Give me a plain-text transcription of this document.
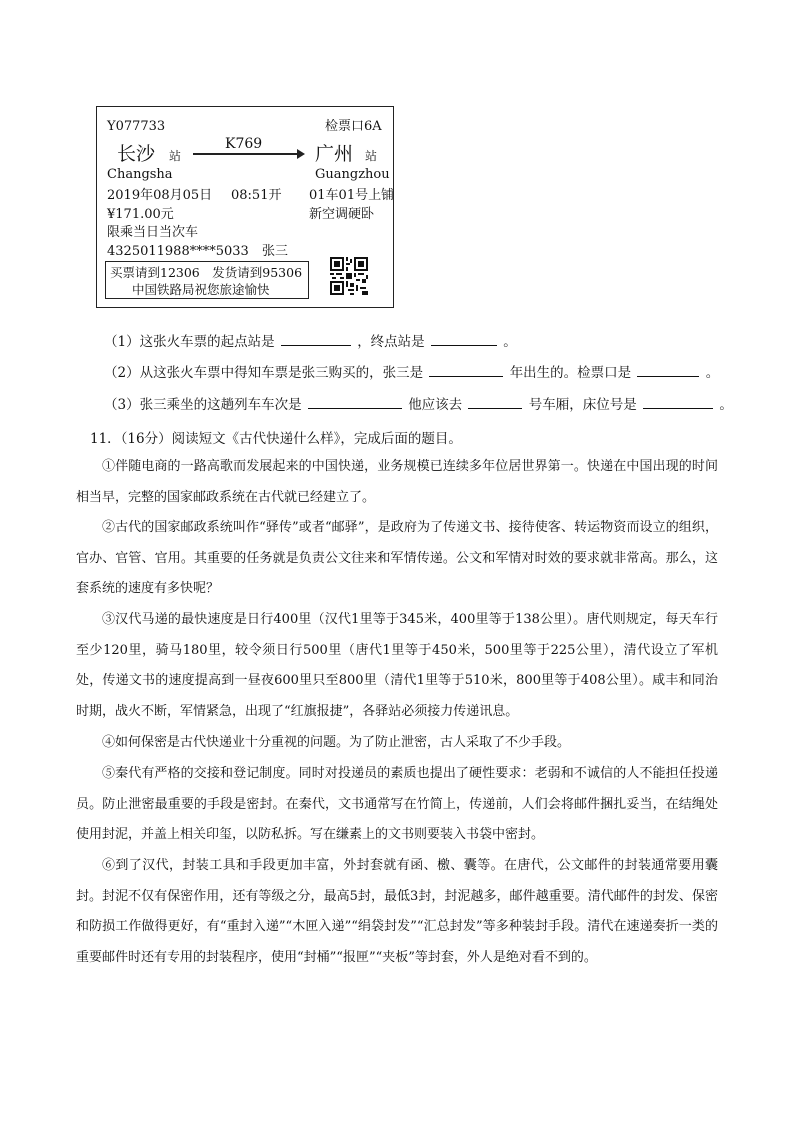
Y077733	检票口6A
长沙 站
Changsha
K769	广州 站
Guangzhou
2019年08月05日 08:51开 01车01号上铺
¥171.00元	新空调硬卧
限乘当日当次车
4325011988****5033 张三
买票请到12306　发货请到95306
中国铁路局祝您旅途愉快
（1）这张火车票的起点站是	，终点站是	。
（2）从这张火车票中得知车票是张三购买的，张三是	年出生的。检票口是	。
（3）张三乘坐的这趟列车车次是	他应该去	号车厢，床位号是	。
11．（16分）阅读短文《古代快递什么样》，完成后面的题目。

①伴随电商的一路高歌而发展起来的中国快递，业务规模已连续多年位居世界第一。快递在中国出现的时间相当早，完整的国家邮政系统在古代就已经建立了。

②古代的国家邮政系统叫作“驿传”或者“邮驿”，是政府为了传递文书、接待使客、转运物资而设立的组织，官办、官管、官用。其重要的任务就是负责公文往来和军情传递。公文和军情对时效的要求就非常高。那么，这套系统的速度有多快呢？

③汉代马递的最快速度是日行400里（汉代1里等于345米，400里等于138公里）。唐代则规定，每天车行至少120里，骑马180里，较令须日行500里（唐代1里等于450米，500里等于225公里），清代设立了军机处，传递文书的速度提高到一昼夜600里只至800里（清代1里等于510米，800里等于408公里）。咸丰和同治时期，战火不断，军情紧急，出现了“红旗报捷”，各驿站必须接力传递讯息。

④如何保密是古代快递业十分重视的问题。为了防止泄密，古人采取了不少手段。

⑤秦代有严格的交接和登记制度。同时对投递员的素质也提出了硬性要求：老弱和不诚信的人不能担任投递员。防止泄密最重要的手段是密封。在秦代，文书通常写在竹简上，传递前，人们会将邮件捆扎妥当，在结绳处使用封泥，并盖上相关印玺，以防私拆。写在缣素上的文书则要装入书袋中密封。

⑥到了汉代，封装工具和手段更加丰富，外封套就有函、檄、囊等。在唐代，公文邮件的封装通常要用囊封。封泥不仅有保密作用，还有等级之分，最高5封，最低3封，封泥越多，邮件越重要。清代邮件的封发、保密和防损工作做得更好，有“重封入递”“木匣入递”“绢袋封发”“汇总封发”等多种装封手段。清代在速递奏折一类的重要邮件时还有专用的封装程序，使用“封桶”“报匣”“夹板”等封套，外人是绝对看不到的。
